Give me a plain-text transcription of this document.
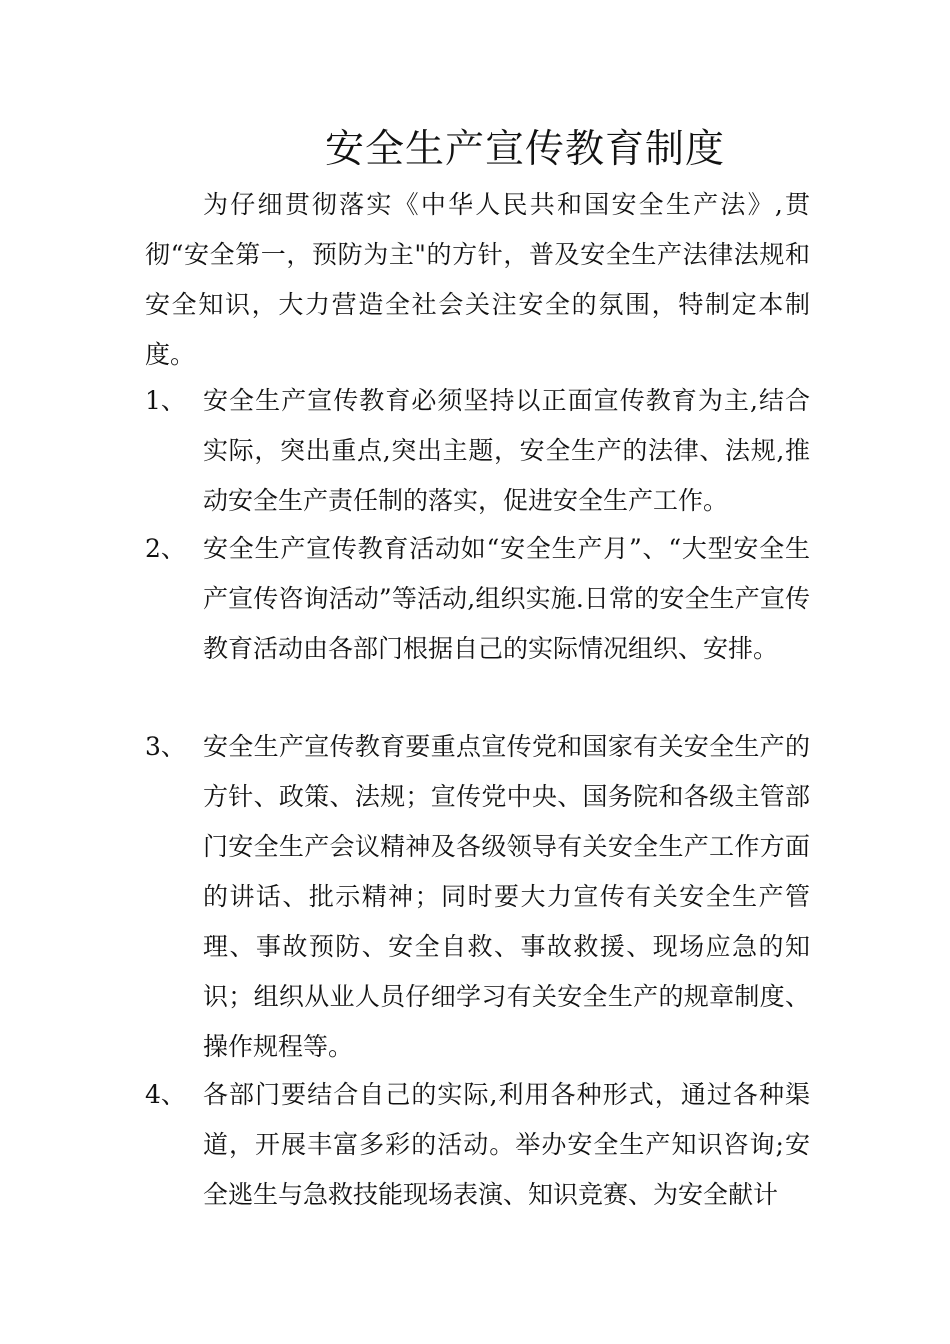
安全生产宣传教育制度
为仔细贯彻落实《中华人民共和国安全生产法》,贯彻“安全第一，预防为主"的方针，普及安全生产法律法规和安全知识，大力营造全社会关注安全的氛围，特制定本制度。
1、 安全生产宣传教育必须坚持以正面宣传教育为主,结合实际，突出重点,突出主题，安全生产的法律、法规,推动安全生产责任制的落实，促进安全生产工作。
2、 安全生产宣传教育活动如“安全生产月”、“大型安全生产宣传咨询活动”等活动,组织实施.日常的安全生产宣传教育活动由各部门根据自己的实际情况组织、安排。
3、 安全生产宣传教育要重点宣传党和国家有关安全生产的方针、政策、法规；宣传党中央、国务院和各级主管部门安全生产会议精神及各级领导有关安全生产工作方面的讲话、批示精神；同时要大力宣传有关安全生产管理、事故预防、安全自救、事故救援、现场应急的知识；组织从业人员仔细学习有关安全生产的规章制度、操作规程等。
4、 各部门要结合自己的实际,利用各种形式，通过各种渠道，开展丰富多彩的活动。举办安全生产知识咨询;安全逃生与急救技能现场表演、知识竞赛、为安全献计
